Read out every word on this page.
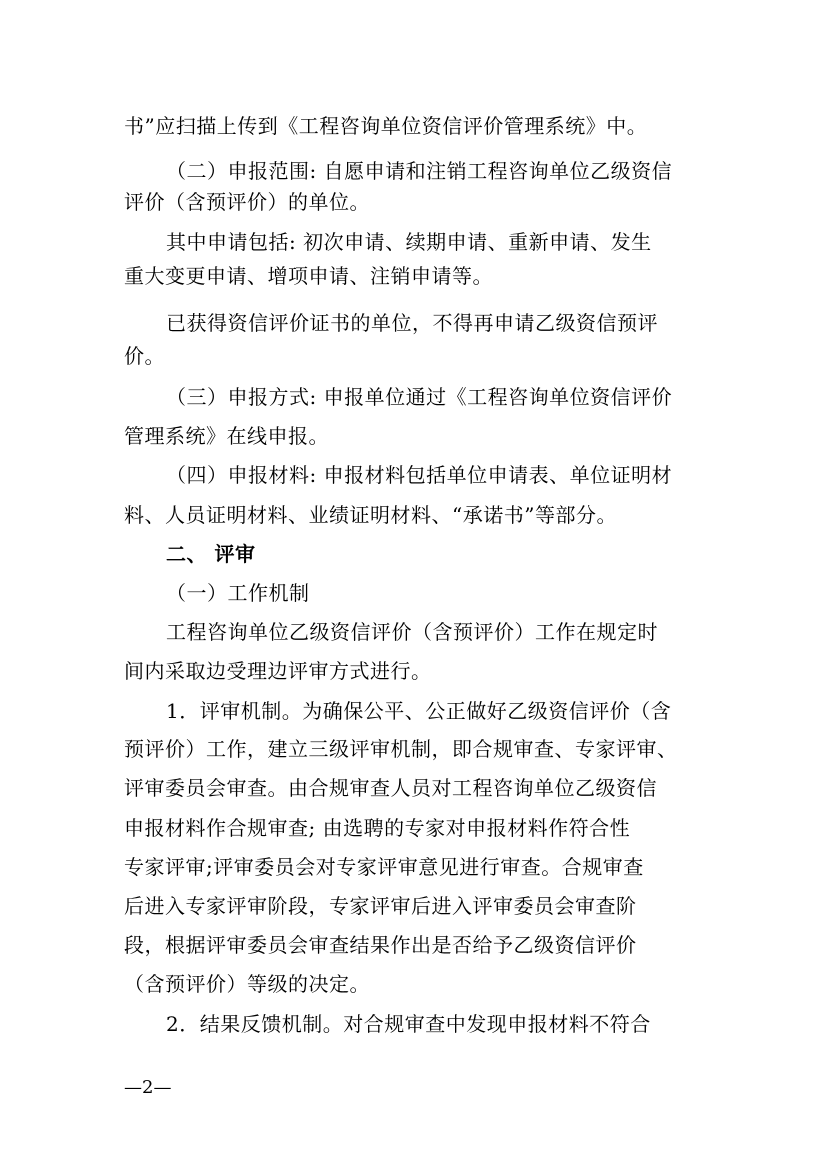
书”应扫描上传到《工程咨询单位资信评价管理系统》中。
（二）申报范围: 自愿申请和注销工程咨询单位乙级资信
评价（含预评价）的单位。
其中申请包括: 初次申请、续期申请、重新申请、发生
重大变更申请、增项申请、注销申请等。
已获得资信评价证书的单位，不得再申请乙级资信预评
价。
（三）申报方式: 申报单位通过《工程咨询单位资信评价
管理系统》在线申报。
（四）申报材料: 申报材料包括单位申请表、单位证明材
料、人员证明材料、业绩证明材料、“承诺书”等部分。
二、 评审
（一）工作机制
工程咨询单位乙级资信评价（含预评价）工作在规定时
间内采取边受理边评审方式进行。
1．评审机制。为确保公平、公正做好乙级资信评价（含
预评价）工作，建立三级评审机制，即合规审查、专家评审、
评审委员会审查。由合规审查人员对工程咨询单位乙级资信
申报材料作合规审查; 由选聘的专家对申报材料作符合性
专家评审;评审委员会对专家评审意见进行审查。合规审查
后进入专家评审阶段，专家评审后进入评审委员会审查阶
段，根据评审委员会审查结果作出是否给予乙级资信评价
（含预评价）等级的决定。
2．结果反馈机制。对合规审查中发现申报材料不符合
—2—
